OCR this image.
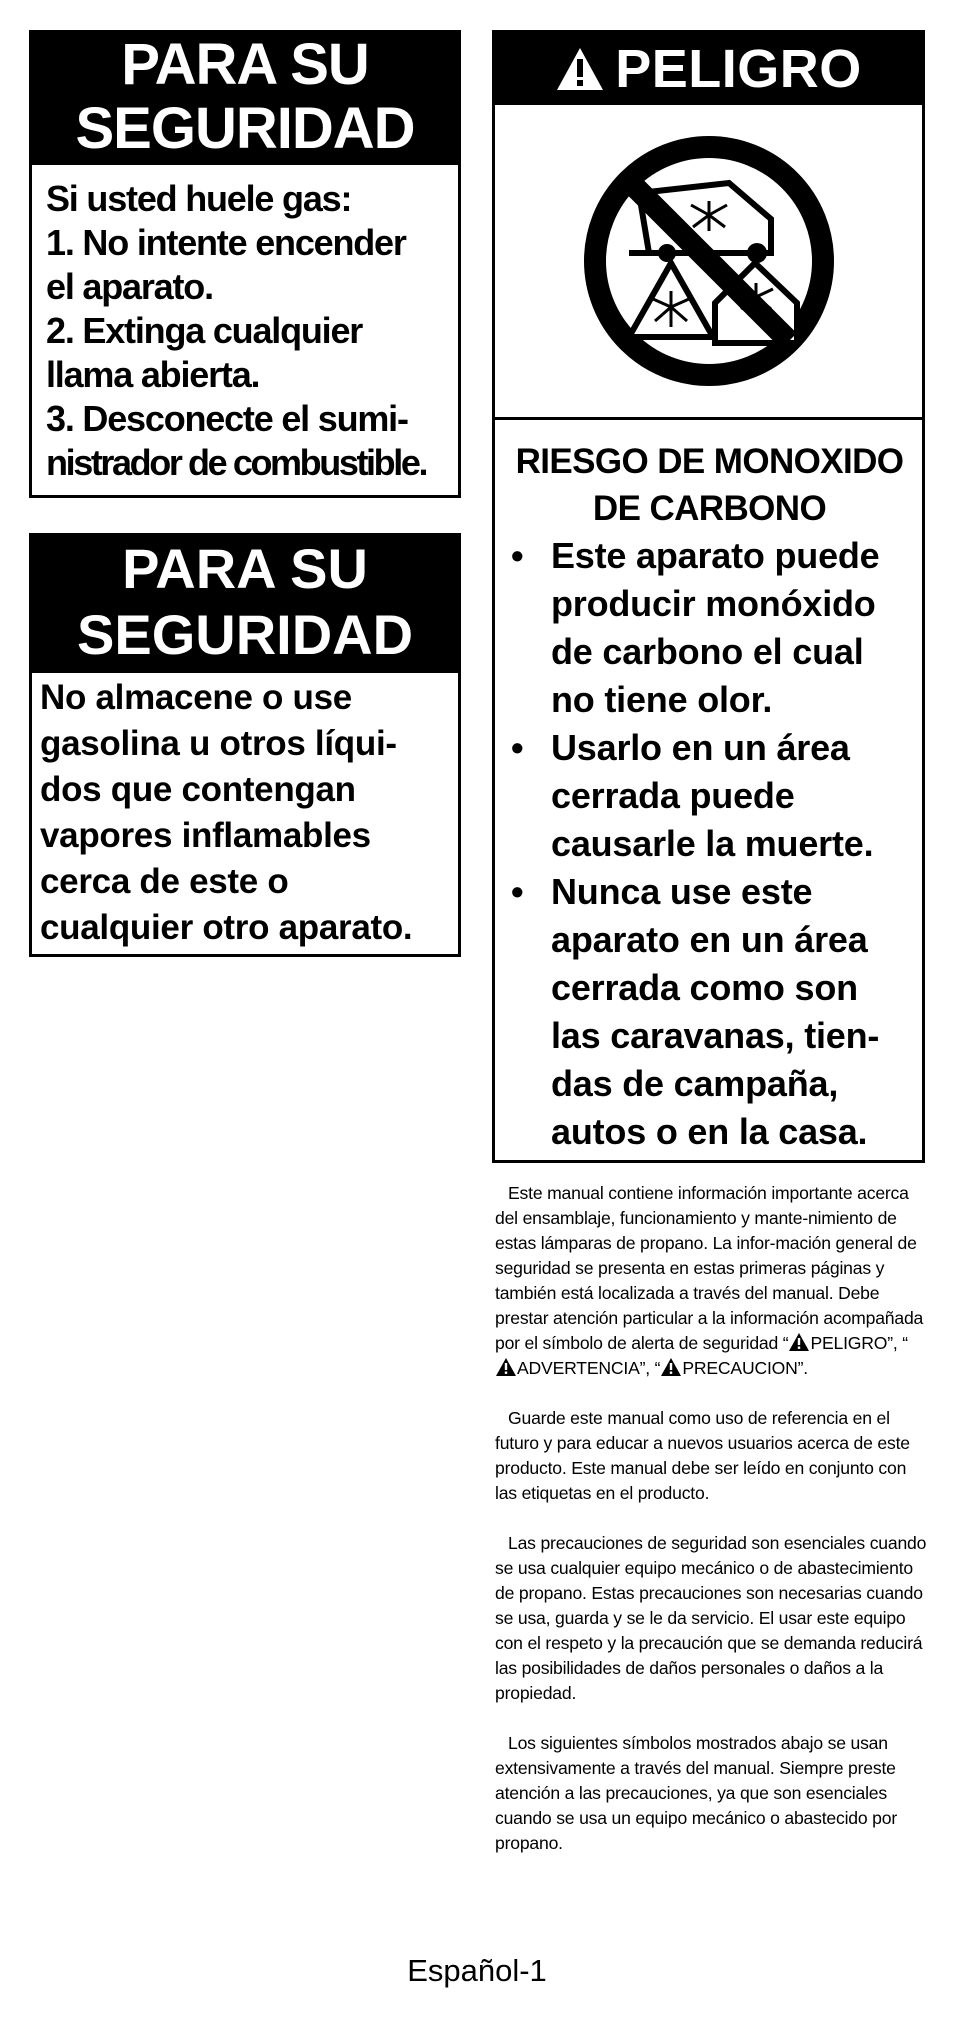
PARA SU
SEGURIDAD
Si usted huele gas:
1. No intente encender
el aparato.
2. Extinga cualquier
llama abierta.
3. Desconecte el sumi-
nistrador de combustible.
PARA SU
SEGURIDAD
No almacene o use
gasolina u otros líqui-
dos que contengan
vapores inflamables
cerca de este o
cualquier otro aparato.
PELIGRO
RIESGO DE MONOXIDO
DE CARBONO
• Este aparato puede
producir monóxido
de carbono el cual
no tiene olor.
• Usarlo en un área
cerrada puede
causarle la muerte.
• Nunca use este
aparato en un área
cerrada como son
las caravanas, tien-
das de campaña,
autos o en la casa.

Este manual contiene información importante acerca del ensamblaje, funcionamiento y mante-nimiento de estas lámparas de propano. La infor-mación general de seguridad se presenta en estas primeras páginas y también está localizada a través del manual. Debe prestar atención particular a la información acompañada por el símbolo de alerta de seguridad “ PELIGRO”, “ADVERTENCIA”, “ PRECAUCION”.

Guarde este manual como uso de referencia en el futuro y para educar a nuevos usuarios acerca de este producto. Este manual debe ser leído en conjunto con las etiquetas en el producto.

Las precauciones de seguridad son esenciales cuando se usa cualquier equipo mecánico o de abastecimiento de propano. Estas precauciones son necesarias cuando se usa, guarda y se le da servicio. El usar este equipo con el respeto y la precaución que se demanda reducirá las posibilidades de daños personales o daños a la propiedad.

Los siguientes símbolos mostrados abajo se usan extensivamente a través del manual. Siempre preste atención a las precauciones, ya que son esenciales cuando se usa un equipo mecánico o abastecido por propano.

Español-1
